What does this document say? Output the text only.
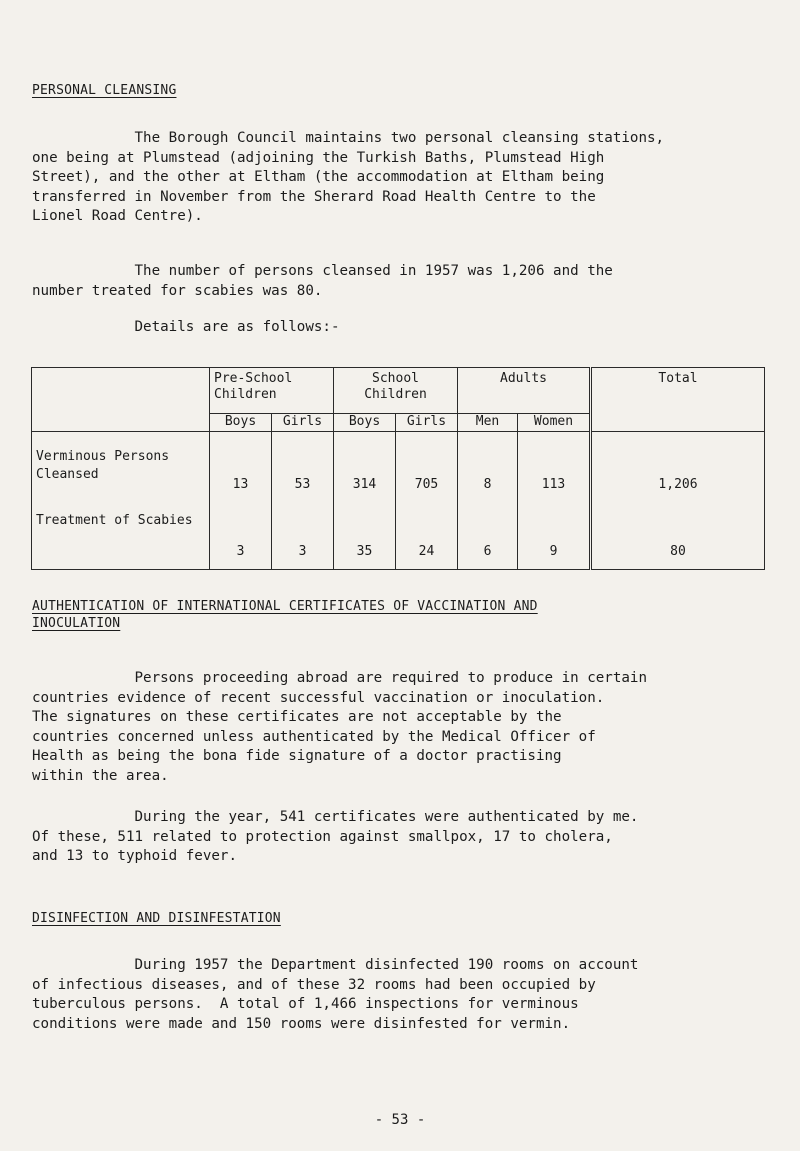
PERSONAL CLEANSING
The Borough Council maintains two personal cleansing stations,
one being at Plumstead (adjoining the Turkish Baths, Plumstead High
Street), and the other at Eltham (the accommodation at Eltham being
transferred in November from the Sherard Road Health Centre to the
Lionel Road Centre).
The number of persons cleansed in 1957 was 1,206 and the
number treated for scabies was 80.
Details are as follows:-
	Pre-School Children		School Children		Adults		Total
	Boys	Girls	Boys	Girls	Men	Women	
Verminous Persons Cleansed	13	53	314	705	8	113	1,206
Treatment of Scabies	3	3	35	24	6	9	80
AUTHENTICATION OF INTERNATIONAL CERTIFICATES OF VACCINATION AND
INOCULATION
Persons proceeding abroad are required to produce in certain
countries evidence of recent successful vaccination or inoculation.
The signatures on these certificates are not acceptable by the
countries concerned unless authenticated by the Medical Officer of
Health as being the bona fide signature of a doctor practising
within the area.
During the year, 541 certificates were authenticated by me.
Of these, 511 related to protection against smallpox, 17 to cholera,
and 13 to typhoid fever.
DISINFECTION AND DISINFESTATION
During 1957 the Department disinfected 190 rooms on account
of infectious diseases, and of these 32 rooms had been occupied by
tuberculous persons.  A total of 1,466 inspections for verminous
conditions were made and 150 rooms were disinfested for vermin.
- 53 -
